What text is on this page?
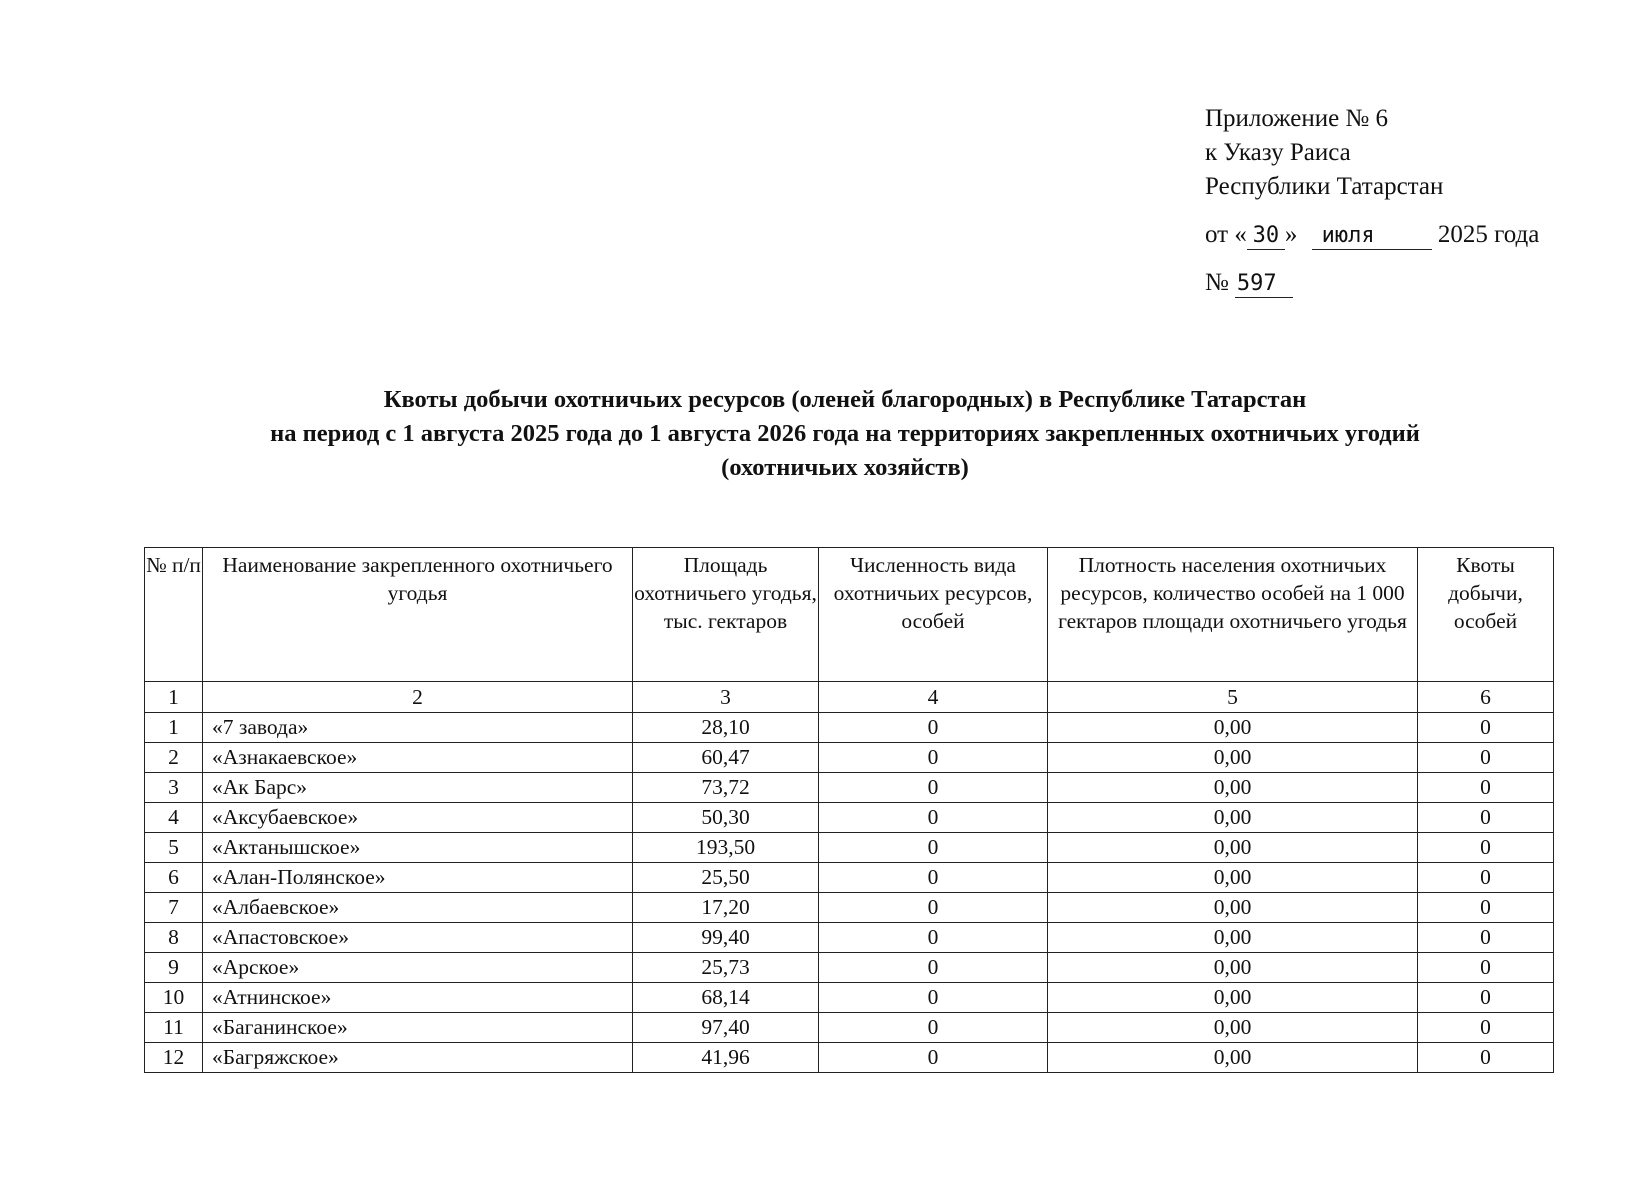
Приложение № 6
к Указу Раиса
Республики Татарстан
от « 30 » июля	2025 года
№ 597
Квоты добычи охотничьих ресурсов (оленей благородных) в Республике Татарстан
на период с 1 августа 2025 года до 1 августа 2026 года на территориях закрепленных охотничьих угодий
(охотничьих хозяйств)
№ п/п	Наименование закрепленного охотничьего угодья	Площадь охотничьего угодья, тыс. гектаров	Численность вида охотничьих ресурсов, особей	Плотность населения охотничьих ресурсов, количество особей на 1 000 гектаров площади охотничьего угодья	Квоты добычи, особей
1	2	3	4	5	6
1	«7 завода»	28,10	0	0,00	0
2	«Азнакаевское»	60,47	0	0,00	0
3	«Ак Барс»	73,72	0	0,00	0
4	«Аксубаевское»	50,30	0	0,00	0
5	«Актанышское»	193,50	0	0,00	0
6	«Алан-Полянское»	25,50	0	0,00	0
7	«Албаевское»	17,20	0	0,00	0
8	«Апастовское»	99,40	0	0,00	0
9	«Арское»	25,73	0	0,00	0
10	«Атнинское»	68,14	0	0,00	0
11	«Баганинское»	97,40	0	0,00	0
12	«Багряжское»	41,96	0	0,00	0
